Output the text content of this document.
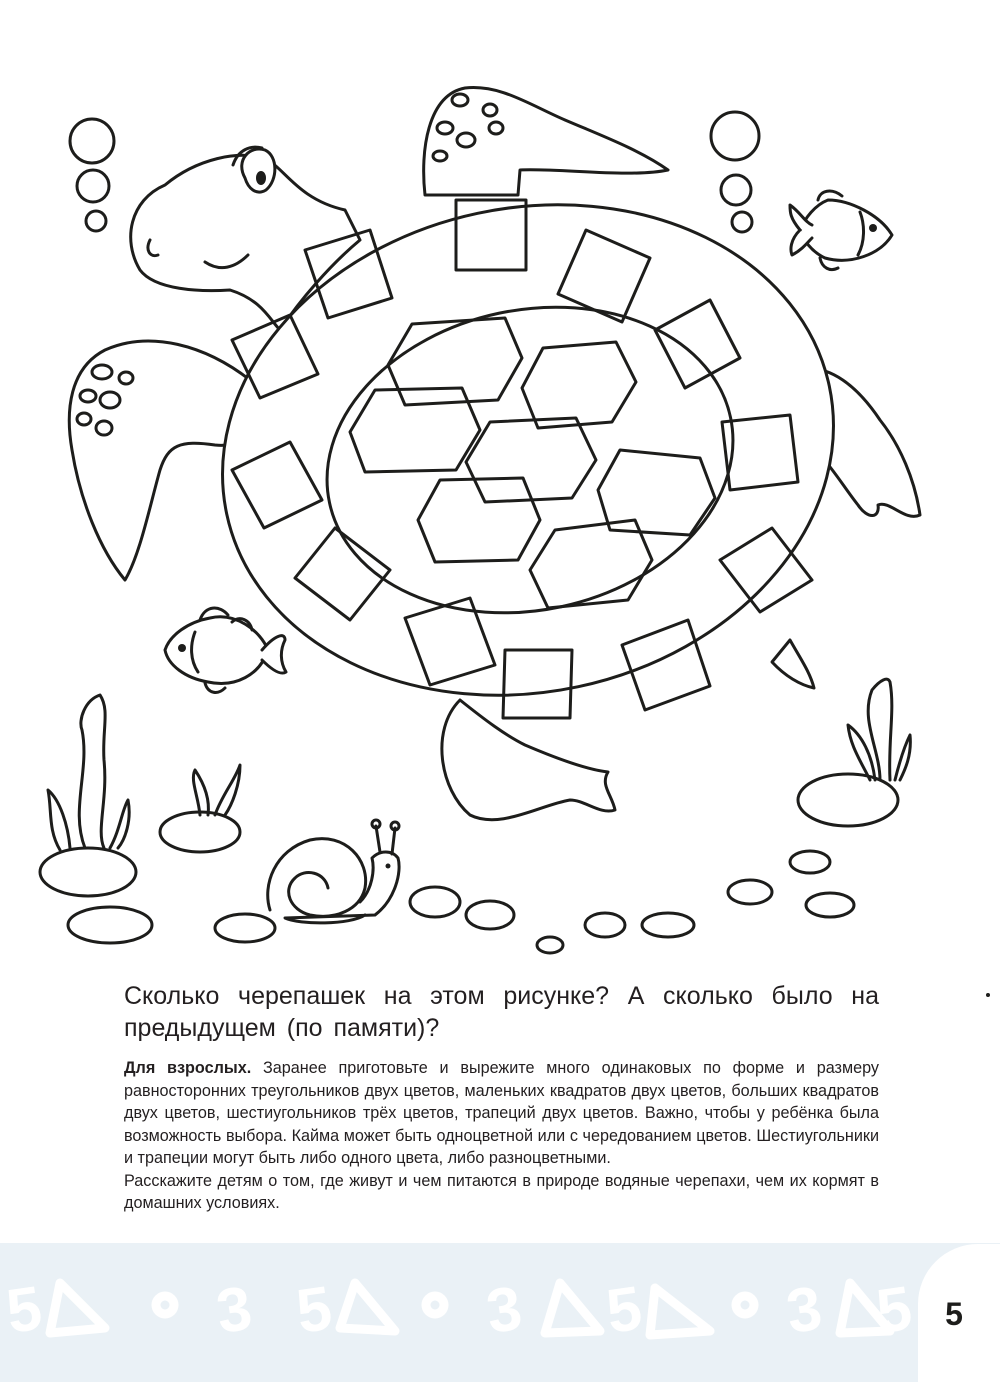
Сколько черепашек на этом рисунке? А сколько было на предыдущем (по памяти)?

Для взрослых. Заранее приготовьте и вырежите много одинаковых по форме и размеру равносторонних треугольников двух цветов, маленьких квадратов двух цветов, больших квадратов двух цветов, шестиугольников трёх цветов, трапеций двух цветов. Важно, чтобы у ребёнка была возможность выбора. Кайма может быть одноцветной или с чередованием цветов. Шестиугольники и трапеции могут быть либо одного цвета, либо разноцветными.

Расскажите детям о том, где живут и чем питаются в природе водяные черепахи, чем их кормят в домашних условиях.

5	3 5 3 5 3 5 5
